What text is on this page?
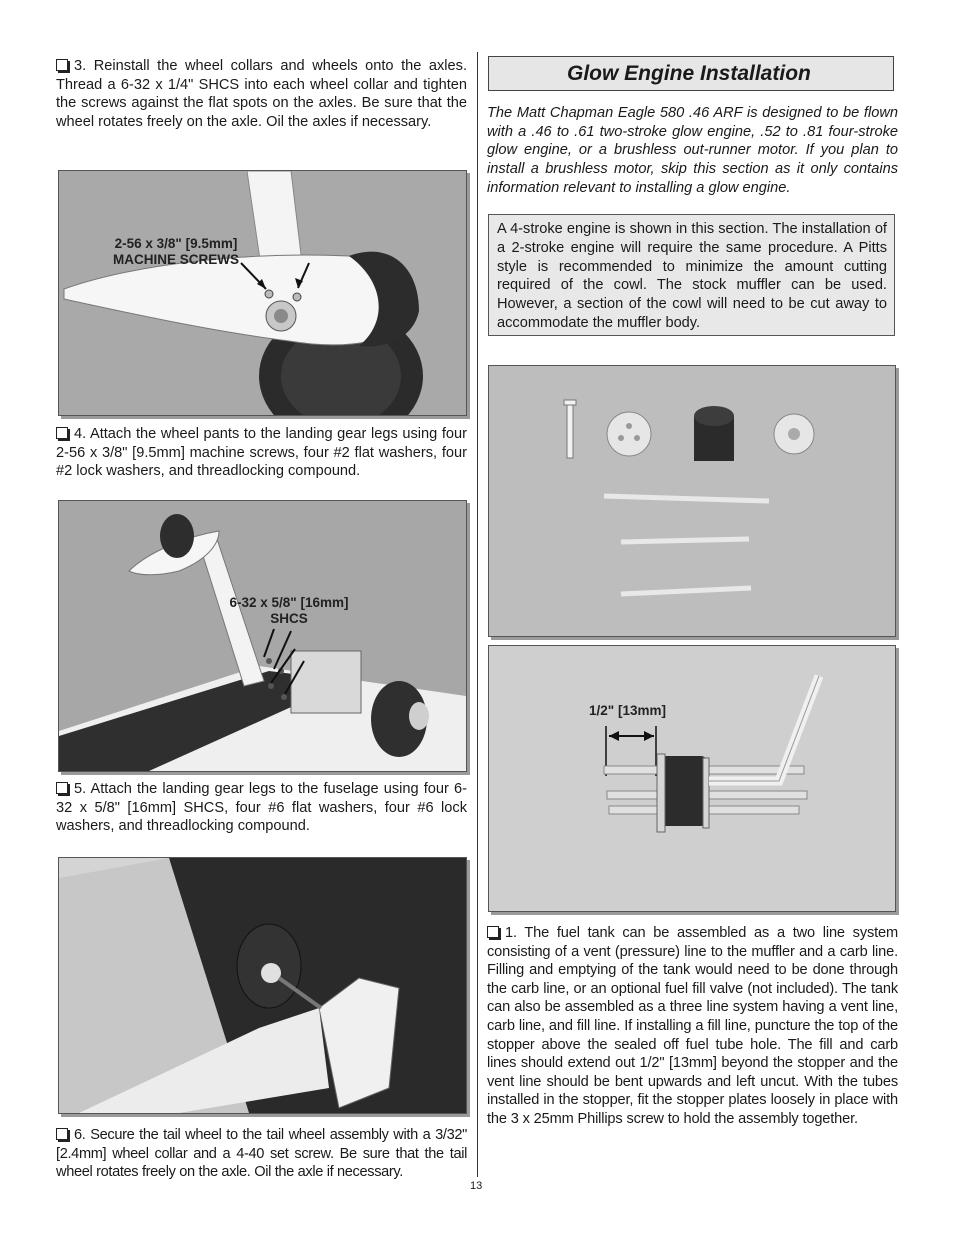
3. Reinstall the wheel collars and wheels onto the axles. Thread a 6-32 x 1/4" SHCS into each wheel collar and tighten the screws against the flat spots on the axles. Be sure that the wheel rotates freely on the axle. Oil the axles if necessary.

2-56 x 3/8" [9.5mm]
MACHINE SCREWS

4. Attach the wheel pants to the landing gear legs using four 2-56 x 3/8" [9.5mm] machine screws, four #2 flat washers, four #2 lock washers, and threadlocking compound.

6-32 x 5/8" [16mm]
SHCS

5. Attach the landing gear legs to the fuselage using four 6-32 x 5/8" [16mm] SHCS, four #6 flat washers, four #6 lock washers, and threadlocking compound.

6. Secure the tail wheel to the tail wheel assembly with a 3/32" [2.4mm] wheel collar and a 4-40 set screw. Be sure that the tail wheel rotates freely on the axle. Oil the axle if necessary.

Glow Engine Installation

The Matt Chapman Eagle 580 .46 ARF is designed to be flown with a .46 to .61 two-stroke glow engine, .52 to .81 four-stroke glow engine, or a brushless out-runner motor. If you plan to install a brushless motor, skip this section as it only contains information relevant to installing a glow engine.

A 4-stroke engine is shown in this section. The installation of a 2-stroke engine will require the same procedure. A Pitts style is recommended to minimize the amount cutting required of the cowl. The stock muffler can be used. However, a section of the cowl will need to be cut away to accommodate the muffler body.

1/2" [13mm]

1. The fuel tank can be assembled as a two line system consisting of a vent (pressure) line to the muffler and a carb line. Filling and emptying of the tank would need to be done through the carb line, or an optional fuel fill valve (not included). The tank can also be assembled as a three line system having a vent line, carb line, and fill line. If installing a fill line, puncture the top of the stopper above the sealed off fuel tube hole. The fill and carb lines should extend out 1/2" [13mm] beyond the stopper and the vent line should be bent upwards and left uncut. With the tubes installed in the stopper, fit the stopper plates loosely in place with the 3 x 25mm Phillips screw to hold the assembly together.

13
